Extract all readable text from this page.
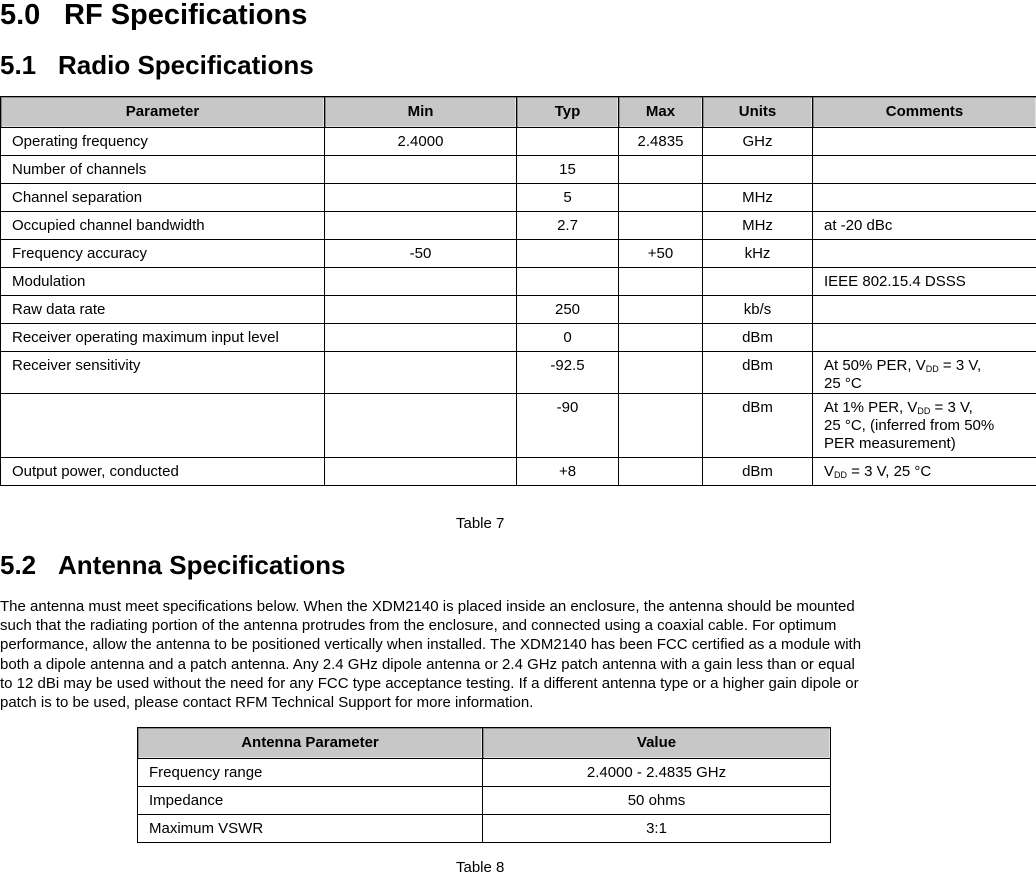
5.0 RF Specifications
5.1 Radio Specifications
Parameter	Min	Typ	Max	Units	Comments
Operating frequency	2.4000		2.4835	GHz	
Number of channels		15			
Channel separation		5		MHz	
Occupied channel bandwidth		2.7		MHz	at -20 dBc
Frequency accuracy	-50		+50	kHz	
Modulation					IEEE 802.15.4 DSSS
Raw data rate		250		kb/s	
Receiver operating maximum input level		0		dBm	
Receiver sensitivity		-92.5		dBm	At 50% PER, $V_{DD} = 3$ V,
25 °C
		-90		dBm	At 1% PER, $V_{DD} = 3$ V,
25 °C, (inferred from 50%
PER measurement)
Output power, conducted		+8		dBm	$V_{DD} = 3$ V, 25 °C
Table 7
5.2 Antenna Specifications
The antenna must meet specifications below. When the XDM2140 is placed inside an enclosure, the antenna should be mounted
such that the radiating portion of the antenna protrudes from the enclosure, and connected using a coaxial cable. For optimum
performance, allow the antenna to be positioned vertically when installed. The XDM2140 has been FCC certified as a module with
both a dipole antenna and a patch antenna. Any 2.4 GHz dipole antenna or 2.4 GHz patch antenna with a gain less than or equal
to 12 dBi may be used without the need for any FCC type acceptance testing. If a different antenna type or a higher gain dipole or
patch is to be used, please contact RFM Technical Support for more information.
Antenna Parameter	Value
Frequency range	2.4000 - 2.4835 GHz
Impedance	50 ohms
Maximum VSWR	3:1
Table 8
